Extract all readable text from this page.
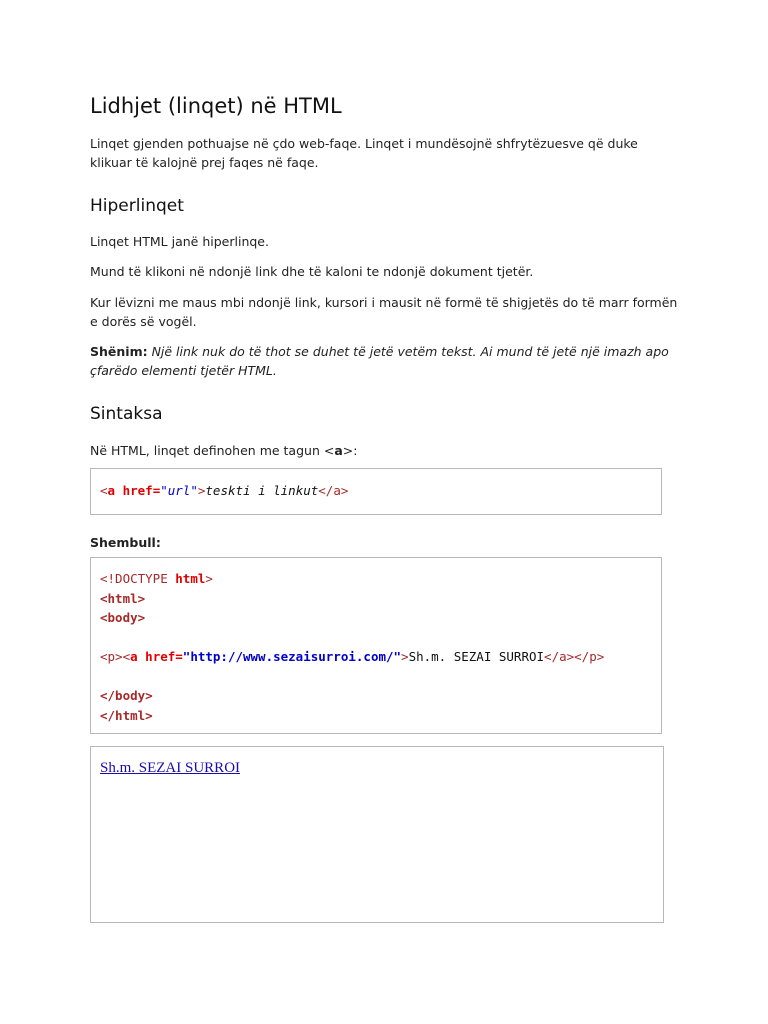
Lidhjet (linqet) në HTML

Linqet gjenden pothuajse në çdo web-faqe. Linqet i mundësojnë shfrytëzuesve që duke klikuar të kalojnë prej faqes në faqe.

Hiperlinqet

Linqet HTML janë hiperlinqe.

Mund të klikoni në ndonjë link dhe të kaloni te ndonjë dokument tjetër.

Kur lëvizni me maus mbi ndonjë link, kursori i mausit në formë të shigjetës do të marr formën e dorës së vogël.

Shënim: Një link nuk do të thot se duhet të jetë vetëm tekst. Ai mund të jetë një imazh apo çfarëdo elementi tjetër HTML.

Sintaksa

Në HTML, linqet definohen me tagun <a>:

<a href="url">teskti i linkut</a>

Shembull:

<!DOCTYPE html>
<html>
<body>

<p><a href="http://www.sezaisurroi.com/">Sh.m. SEZAI SURROI</a></p>

</body>
</html>
Sh.m. SEZAI SURROI
